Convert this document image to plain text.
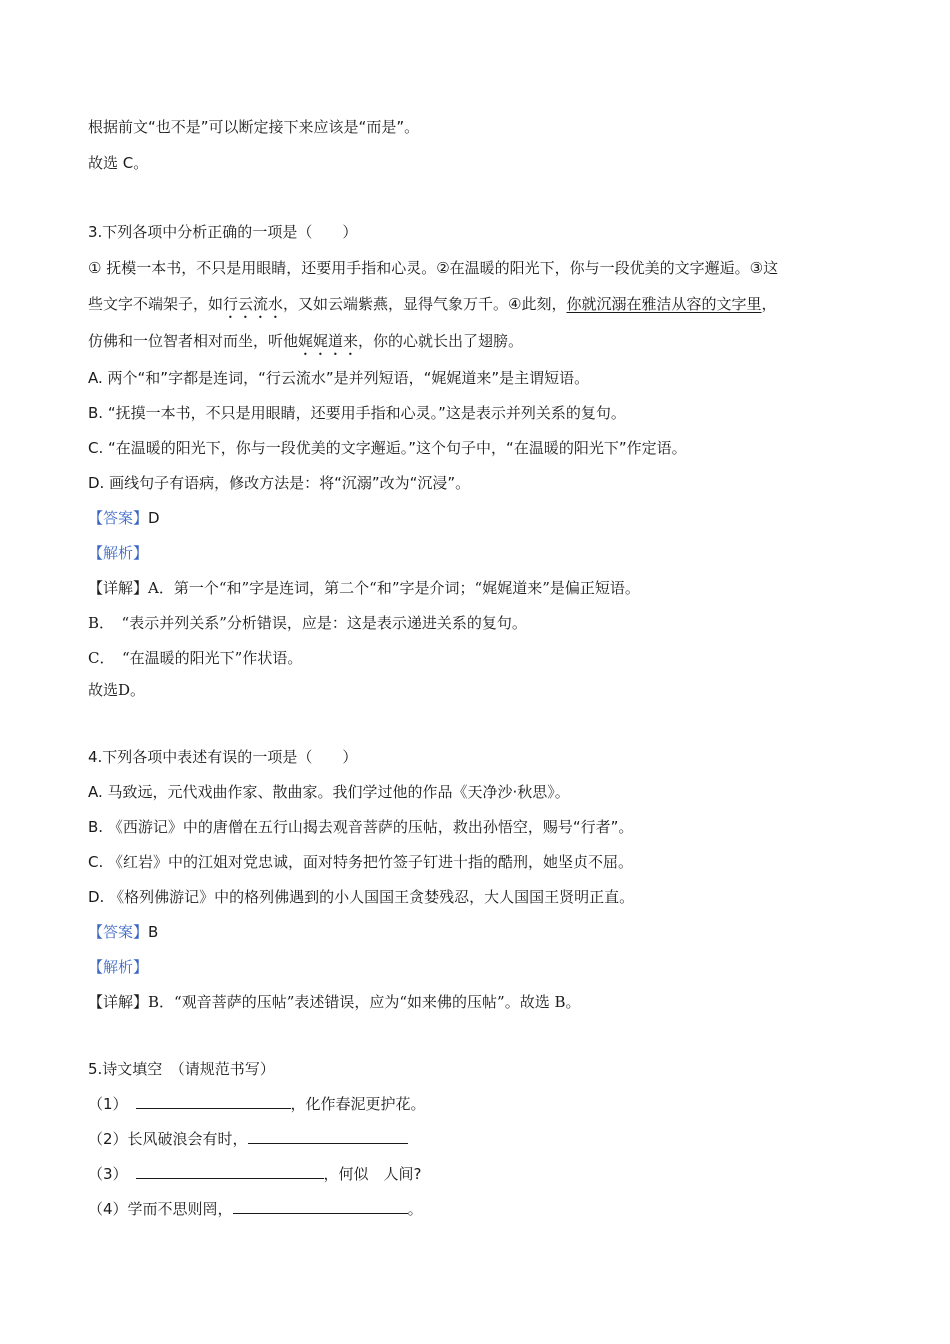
根据前文“也不是”可以断定接下来应该是“而是”。
故选 C。
3.下列各项中分析正确的一项是（　　）
① 抚模一本书，不只是用眼睛，还要用手指和心灵。②在温暖的阳光下，你与一段优美的文字邂逅。③这
些文字不端架子，如行云流水，又如云端紫燕，显得气象万千。④此刻，你就沉溺在雅洁从容的文字里，
仿佛和一位智者相对而坐，听他娓娓道来，你的心就长出了翅膀。
A. 两个“和”字都是连词，“行云流水”是并列短语，“娓娓道来”是主谓短语。
B. “抚摸一本书，不只是用眼睛，还要用手指和心灵。”这是表示并列关系的复句。
C. “在温暖的阳光下，你与一段优美的文字邂逅。”这个句子中，“在温暖的阳光下”作定语。
D. 画线句子有语病，修改方法是：将“沉溺”改为“沉浸”。
【答案】D
【解析】
【详解】A．第一个“和”字是连词，第二个“和”字是介词；“娓娓道来”是偏正短语。
B．　“表示并列关系”分析错误，应是：这是表示递进关系的复句。
C．　“在温暖的阳光下”作状语。
故选D。
4.下列各项中表述有误的一项是（　　）
A. 马致远，元代戏曲作家、散曲家。我们学过他的作品《天净沙·秋思》。
B. 《西游记》中的唐僧在五行山揭去观音菩萨的压帖，救出孙悟空，赐号“行者”。
C. 《红岩》中的江姐对党忠诚，面对特务把竹签子钉进十指的酷刑，她坚贞不屈。
D. 《格列佛游记》中的格列佛遇到的小人国国王贪婪残忍，大人国国王贤明正直。
【答案】B
【解析】
【详解】B．“观音菩萨的压帖”表述错误，应为“如来佛的压帖”。故选 B。
5.诗文填空　（请规范书写）
（1）	，化作春泥更护花。
（2）长风破浪会有时，
（3）	，何似　人间?
（4）学而不思则罔，	。
